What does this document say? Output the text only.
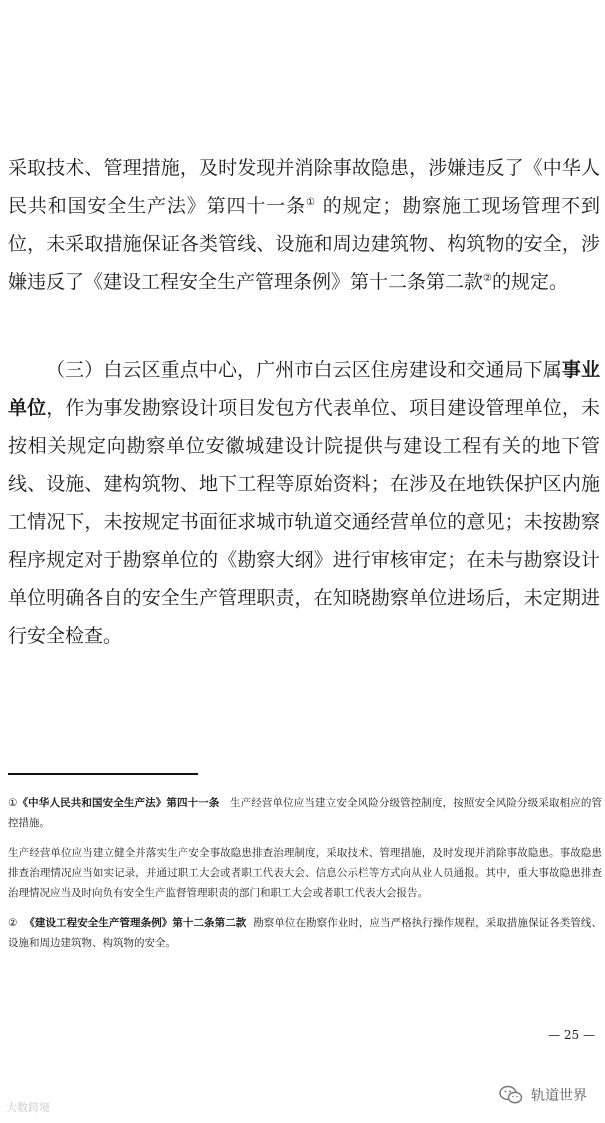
采取技术、管理措施，及时发现并消除事故隐患，涉嫌违反了《中华人民共和国安全生产法》第四十一条① 的规定；勘察施工现场管理不到位，未采取措施保证各类管线、设施和周边建筑物、构筑物的安全，涉嫌违反了《建设工程安全生产管理条例》第十二条第二款②的规定。
（三）白云区重点中心，广州市白云区住房建设和交通局下属事业单位，作为事发勘察设计项目发包方代表单位、项目建设管理单位，未按相关规定向勘察单位安徽城建设计院提供与建设工程有关的地下管线、设施、建构筑物、地下工程等原始资料；在涉及在地铁保护区内施工情况下，未按规定书面征求城市轨道交通经营单位的意见；未按勘察程序规定对于勘察单位的《勘察大纲》进行审核审定；在未与勘察设计单位明确各自的安全生产管理职责，在知晓勘察单位进场后，未定期进行安全检查。

①《中华人民共和国安全生产法》第四十一条 生产经营单位应当建立安全风险分级管控制度，按照安全风险分级采取相应的管控措施。

生产经营单位应当建立健全并落实生产安全事故隐患排查治理制度，采取技术、管理措施，及时发现并消除事故隐患。事故隐患排查治理情况应当如实记录，并通过职工大会或者职工代表大会、信息公示栏等方式向从业人员通报。其中，重大事故隐患排查治理情况应当及时向负有安全生产监督管理职责的部门和职工大会或者职工代表大会报告。

② 《建设工程安全生产管理条例》第十二条第二款 勘察单位在勘察作业时，应当严格执行操作规程，采取措施保证各类管线、设施和周边建筑物、构筑物的安全。

— 25 —
大数跨境
轨道世界
